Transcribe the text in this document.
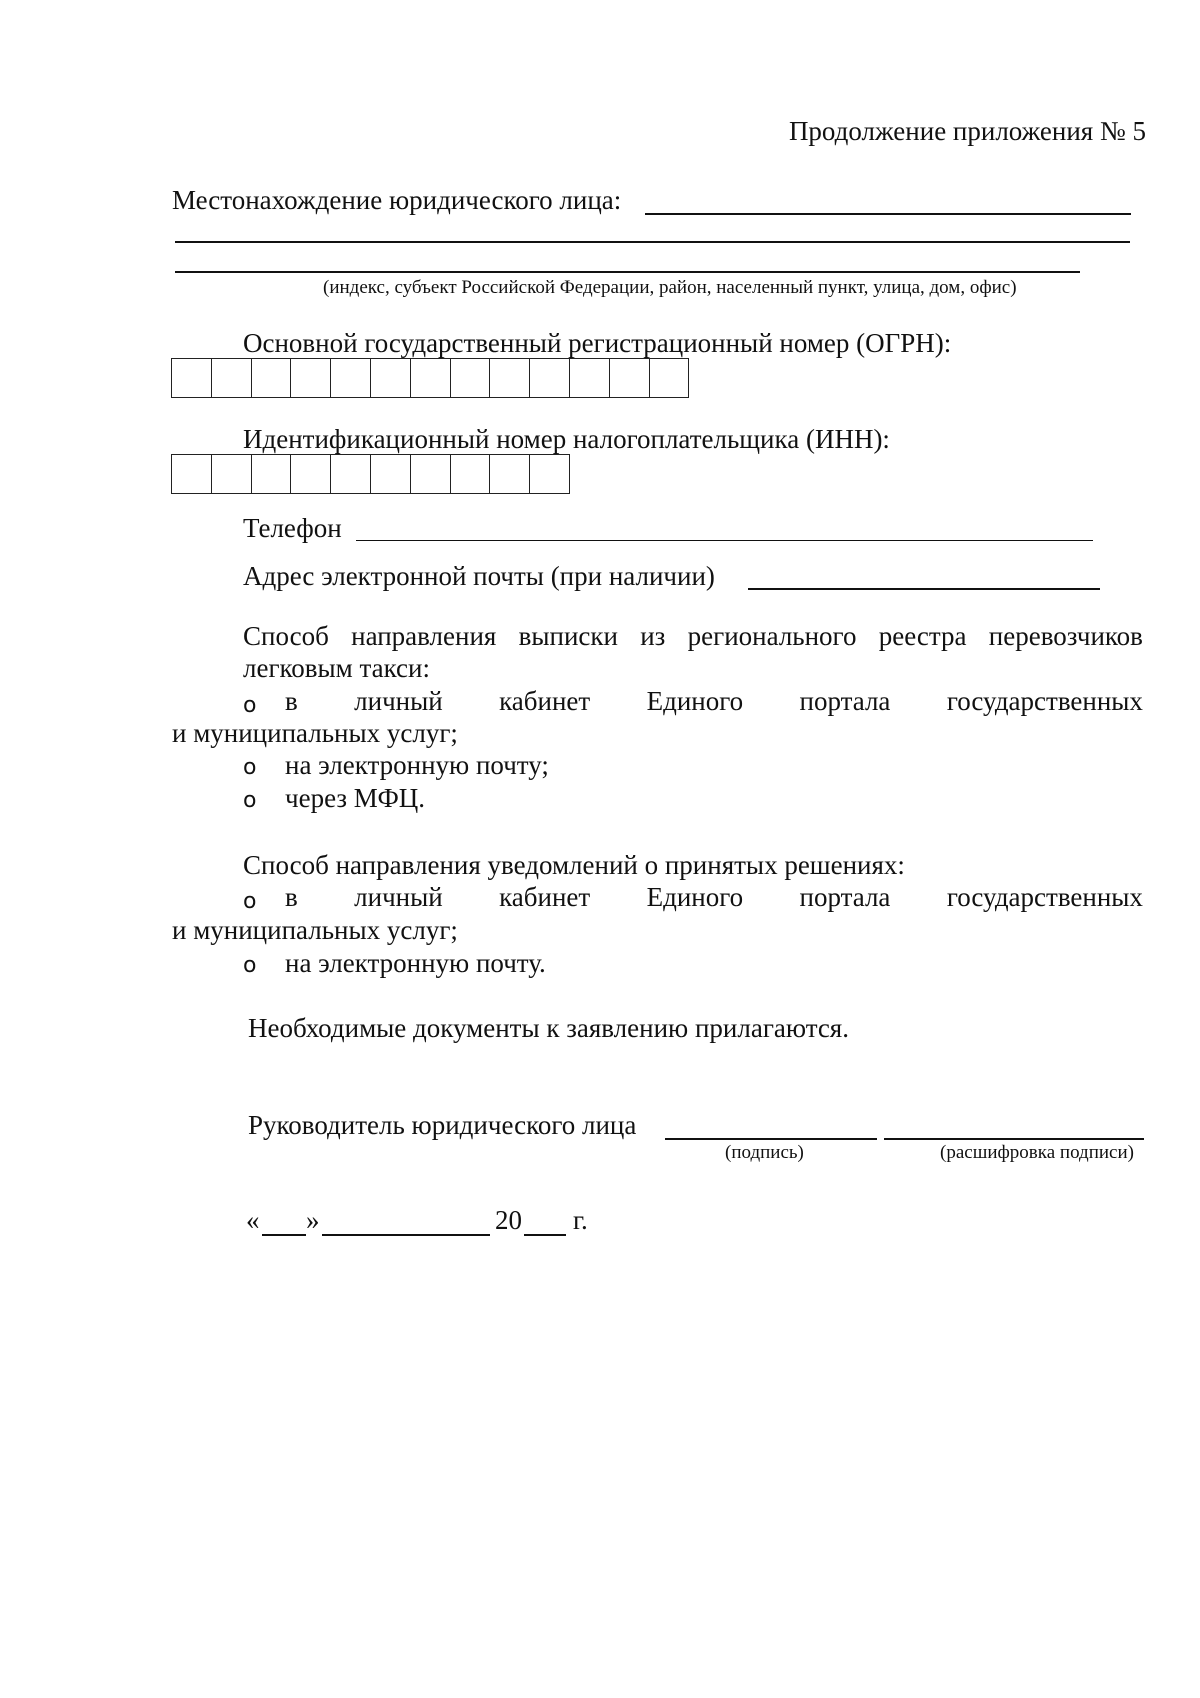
Продолжение приложения № 5
Местонахождение юридического лица:
(индекс, субъект Российской Федерации, район, населенный пункт, улица, дом, офис)
Основной государственный регистрационный номер (ОГРН):
Идентификационный номер налогоплательщика (ИНН):
Телефон
Адрес электронной почты (при наличии)
Способ направления выписки из регионального реестра перевозчиков
легковым такси:
о в личный кабинет Единого портала государственных
и муниципальных услуг;
о на электронную почту;
о через МФЦ.
Способ направления уведомлений о принятых решениях:
о в личный кабинет Единого портала государственных
и муниципальных услуг;
о на электронную почту.
Необходимые документы к заявлению прилагаются.
Руководитель юридического лица
(подпись)	(расшифровка подписи)
« »	20 г.
